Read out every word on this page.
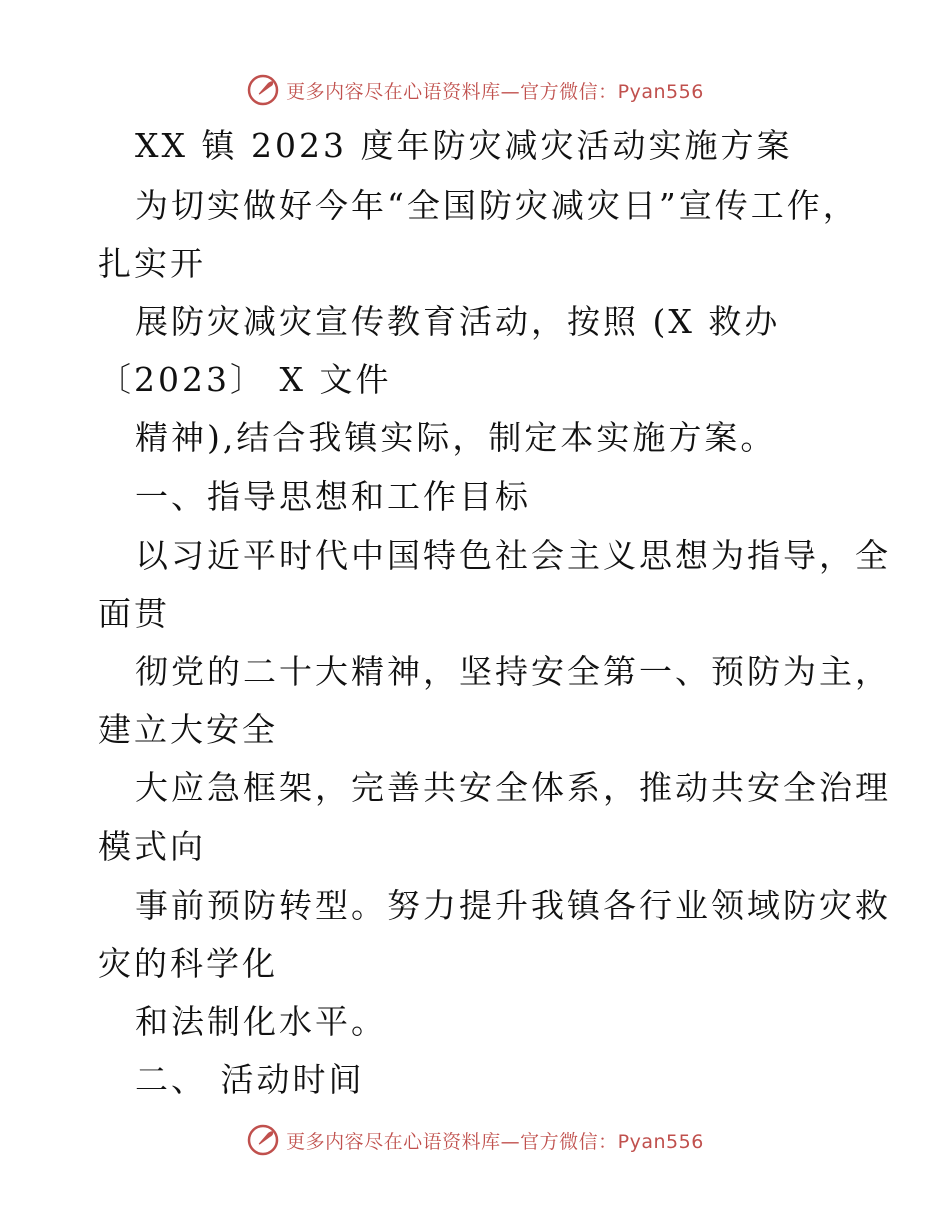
更多内容尽在心语资料库—官方微信：Pyan556
XX 镇 2023 度年防灾减灾活动实施方案
为切实做好今年“全国防灾减灾日”宣传工作，
扎实开
展防灾减灾宣传教育活动，按照 (X 救办
〔2023〕 X 文件
精神),结合我镇实际，制定本实施方案。
一、指导思想和工作目标
以习近平时代中国特色社会主义思想为指导，全
面贯
彻党的二十大精神，坚持安全第一、预防为主，
建立大安全
大应急框架，完善共安全体系，推动共安全治理
模式向
事前预防转型。努力提升我镇各行业领域防灾救
灾的科学化
和法制化水平。
二、 活动时间
更多内容尽在心语资料库—官方微信：Pyan556
